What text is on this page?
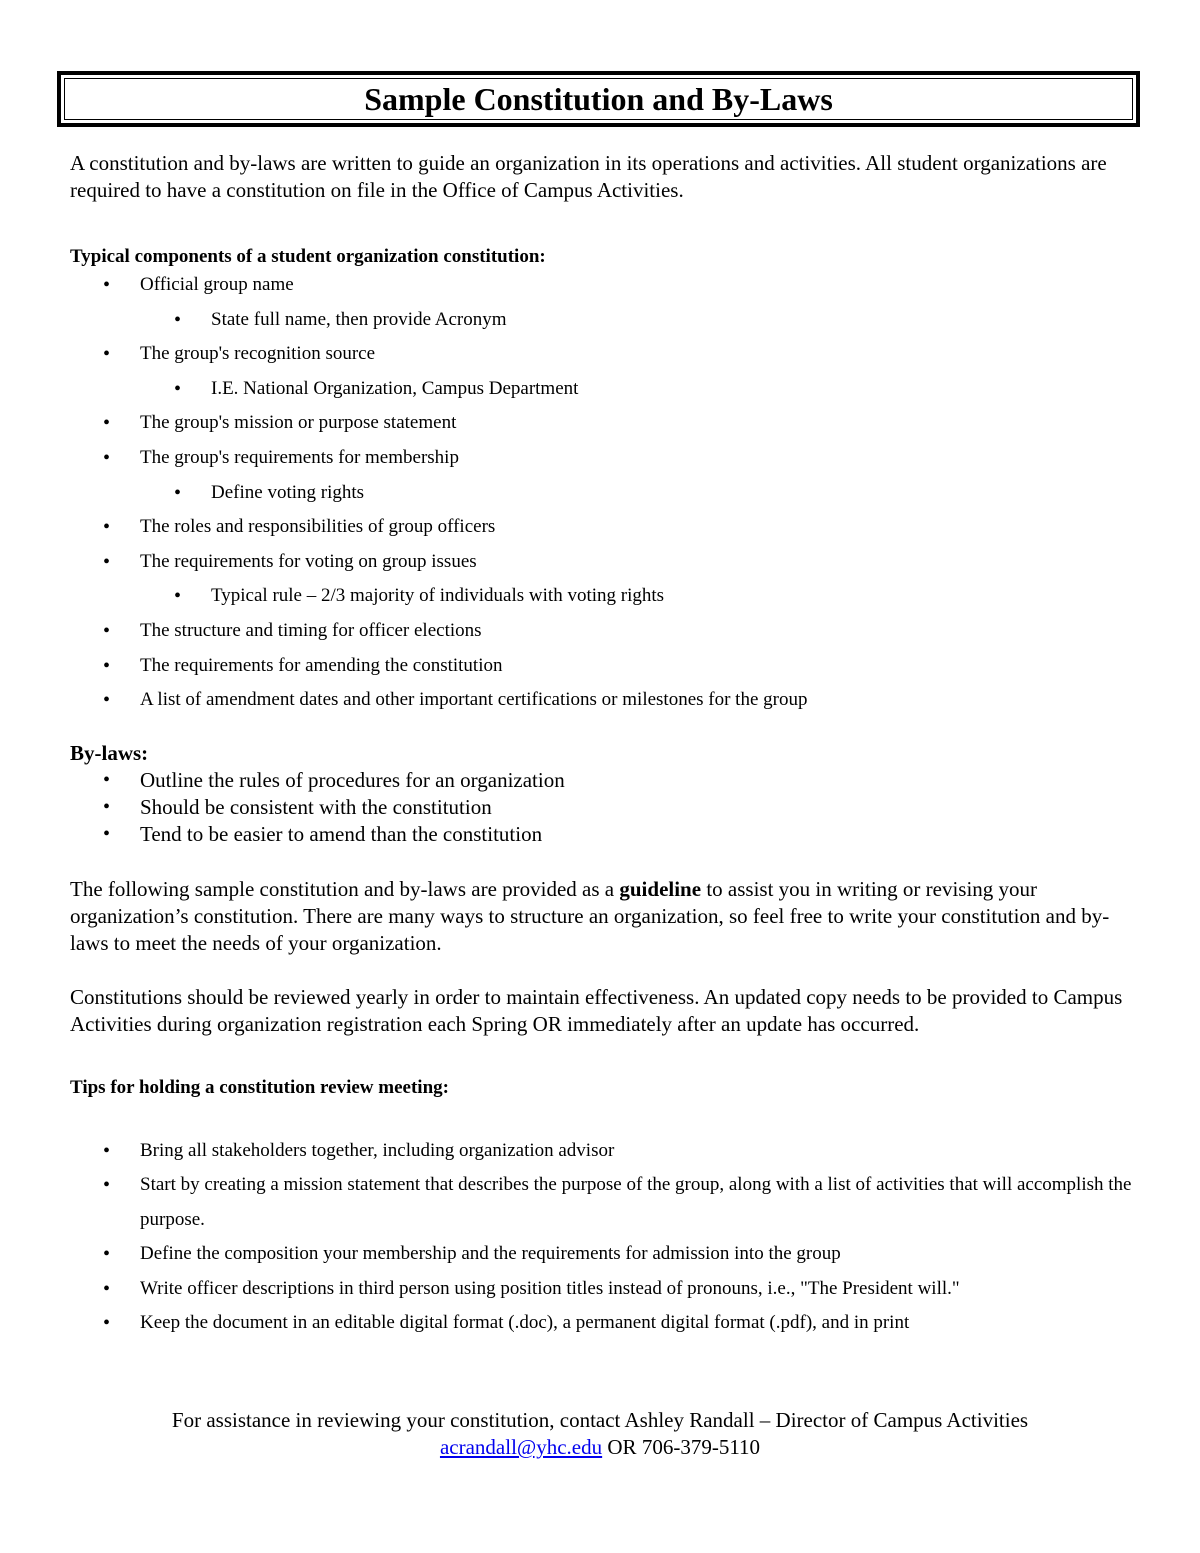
Sample Constitution and By-Laws

A constitution and by-laws are written to guide an organization in its operations and activities. All student organizations are required to have a constitution on file in the Office of Campus Activities.

Typical components of a student organization constitution:

• Official group name
• State full name, then provide Acronym
• The group's recognition source
• I.E. National Organization, Campus Department
• The group's mission or purpose statement
• The group's requirements for membership
• Define voting rights
• The roles and responsibilities of group officers
• The requirements for voting on group issues
• Typical rule – 2/3 majority of individuals with voting rights
• The structure and timing for officer elections
• The requirements for amending the constitution
• A list of amendment dates and other important certifications or milestones for the group

By-laws:

• Outline the rules of procedures for an organization
• Should be consistent with the constitution
• Tend to be easier to amend than the constitution

The following sample constitution and by-laws are provided as a guideline to assist you in writing or revising your organization’s constitution. There are many ways to structure an organization, so feel free to write your constitution and by-laws to meet the needs of your organization.

Constitutions should be reviewed yearly in order to maintain effectiveness. An updated copy needs to be provided to Campus Activities during organization registration each Spring OR immediately after an update has occurred.

Tips for holding a constitution review meeting:

• Bring all stakeholders together, including organization advisor
• Start by creating a mission statement that describes the purpose of the group, along with a list of activities that will accomplish the purpose.
• Define the composition your membership and the requirements for admission into the group
• Write officer descriptions in third person using position titles instead of pronouns, i.e., "The President will."
• Keep the document in an editable digital format (.doc), a permanent digital format (.pdf), and in print
For assistance in reviewing your constitution, contact Ashley Randall – Director of Campus Activities
acrandall@yhc.edu OR 706-379-5110
